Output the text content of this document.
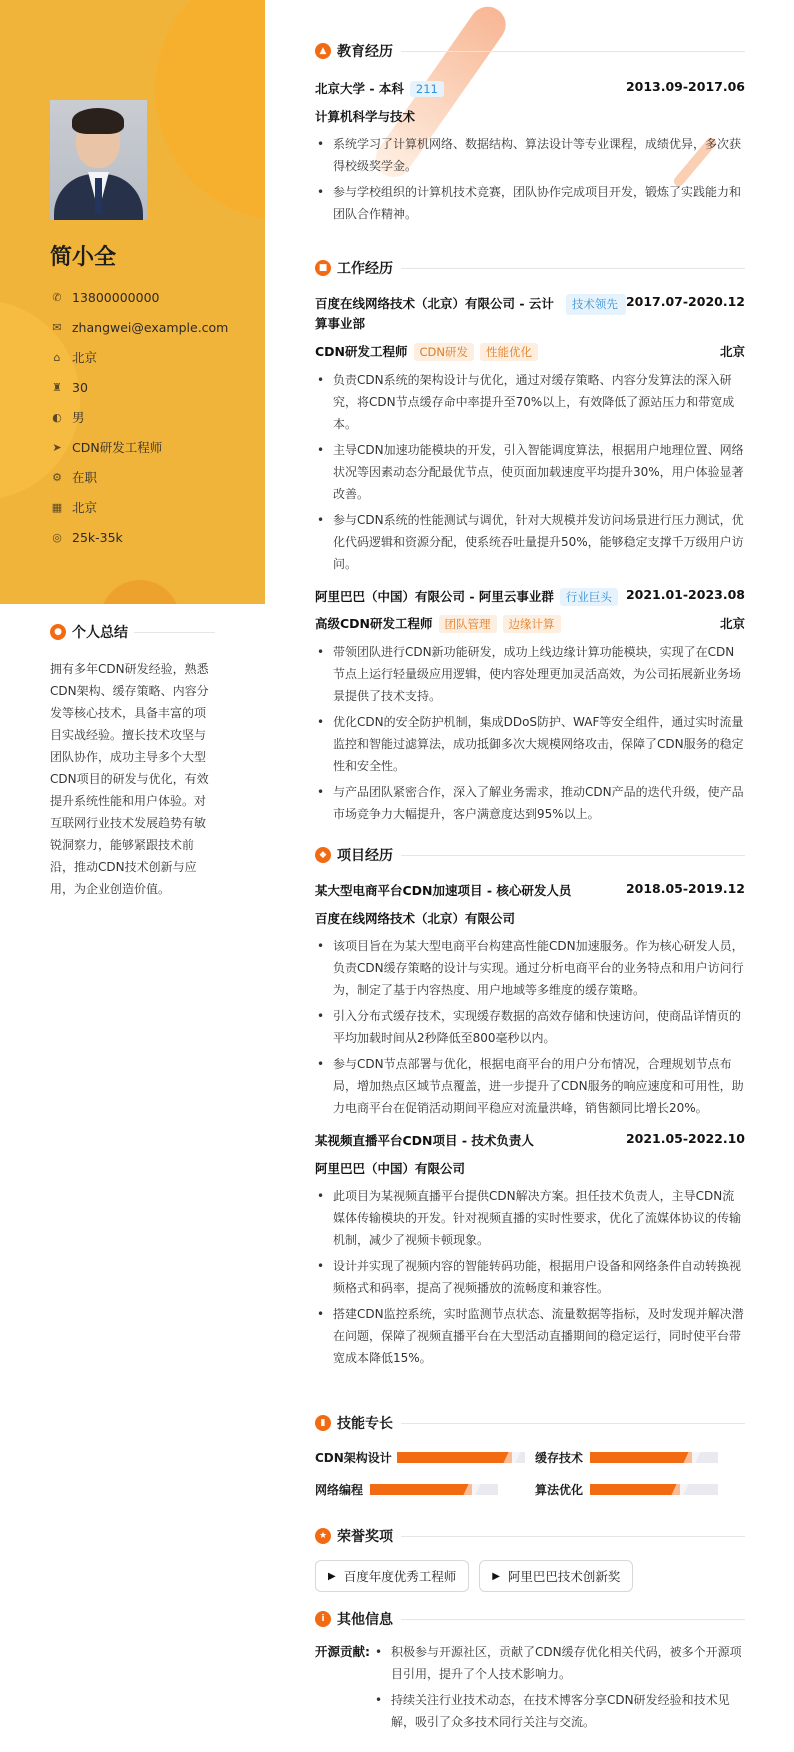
简小全
✆ 13800000000
✉ zhangwei@example.com
⌂ 北京
♜ 30
◐ 男
➤ CDN研发工程师
⚙ 在职
▦ 北京
◎ 25k-35k
● 个人总结
拥有多年CDN研发经验，熟悉CDN架构、缓存策略、内容分发等核心技术，具备丰富的项目实战经验。擅长技术攻坚与团队协作，成功主导多个大型CDN项目的研发与优化，有效提升系统性能和用户体验。对互联网行业技术发展趋势有敏锐洞察力，能够紧跟技术前沿，推动CDN技术创新与应用，为企业创造价值。
▲ 教育经历
北京大学 - 本科 211	2013.09-2017.06
计算机科学与技术
• 系统学习了计算机网络、数据结构、算法设计等专业课程，成绩优异，多次获得校级奖学金。
• 参与学校组织的计算机技术竞赛，团队协作完成项目开发，锻炼了实践能力和团队合作精神。
■ 工作经历
百度在线网络技术（北京）有限公司 - 云计算事业部
技术领先 2017.07-2020.12
CDN研发工程师 CDN研发 性能优化	北京
• 负责CDN系统的架构设计与优化，通过对缓存策略、内容分发算法的深入研究，将CDN节点缓存命中率提升至70%以上，有效降低了源站压力和带宽成本。
• 主导CDN加速功能模块的开发，引入智能调度算法，根据用户地理位置、网络状况等因素动态分配最优节点，使页面加载速度平均提升30%，用户体验显著改善。
• 参与CDN系统的性能测试与调优，针对大规模并发访问场景进行压力测试，优化代码逻辑和资源分配，使系统吞吐量提升50%，能够稳定支撑千万级用户访问。
阿里巴巴（中国）有限公司 - 阿里云事业群 行业巨头	2021.01-2023.08
高级CDN研发工程师 团队管理 边缘计算	北京
• 带领团队进行CDN新功能研发，成功上线边缘计算功能模块，实现了在CDN节点上运行轻量级应用逻辑，使内容处理更加灵活高效，为公司拓展新业务场景提供了技术支持。
• 优化CDN的安全防护机制，集成DDoS防护、WAF等安全组件，通过实时流量监控和智能过滤算法，成功抵御多次大规模网络攻击，保障了CDN服务的稳定性和安全性。
• 与产品团队紧密合作，深入了解业务需求，推动CDN产品的迭代升级，使产品市场竞争力大幅提升，客户满意度达到95%以上。
◆ 项目经历
某大型电商平台CDN加速项目 - 核心研发人员	2018.05-2019.12
百度在线网络技术（北京）有限公司
• 该项目旨在为某大型电商平台构建高性能CDN加速服务。作为核心研发人员，负责CDN缓存策略的设计与实现。通过分析电商平台的业务特点和用户访问行为，制定了基于内容热度、用户地域等多维度的缓存策略。
• 引入分布式缓存技术，实现缓存数据的高效存储和快速访问，使商品详情页的平均加载时间从2秒降低至800毫秒以内。
• 参与CDN节点部署与优化，根据电商平台的用户分布情况，合理规划节点布局，增加热点区域节点覆盖，进一步提升了CDN服务的响应速度和可用性，助力电商平台在促销活动期间平稳应对流量洪峰，销售额同比增长20%。
某视频直播平台CDN项目 - 技术负责人	2021.05-2022.10
阿里巴巴（中国）有限公司
• 此项目为某视频直播平台提供CDN解决方案。担任技术负责人，主导CDN流媒体传输模块的开发。针对视频直播的实时性要求，优化了流媒体协议的传输机制，减少了视频卡顿现象。
• 设计并实现了视频内容的智能转码功能，根据用户设备和网络条件自动转换视频格式和码率，提高了视频播放的流畅度和兼容性。
• 搭建CDN监控系统，实时监测节点状态、流量数据等指标，及时发现并解决潜在问题，保障了视频直播平台在大型活动直播期间的稳定运行，同时使平台带宽成本降低15%。
▮ 技能专长
CDN架构设计	缓存技术
网络编程	算法优化
★ 荣誉奖项
▶ 百度年度优秀工程师	▶ 阿里巴巴技术创新奖
i 其他信息
开源贡献:
•	积极参与开源社区，贡献了CDN缓存优化相关代码，被多个开源项目引用，提升了个人技术影响力。
• 持续关注行业技术动态，在技术博客分享CDN研发经验和技术见解，吸引了众多技术同行关注与交流。
